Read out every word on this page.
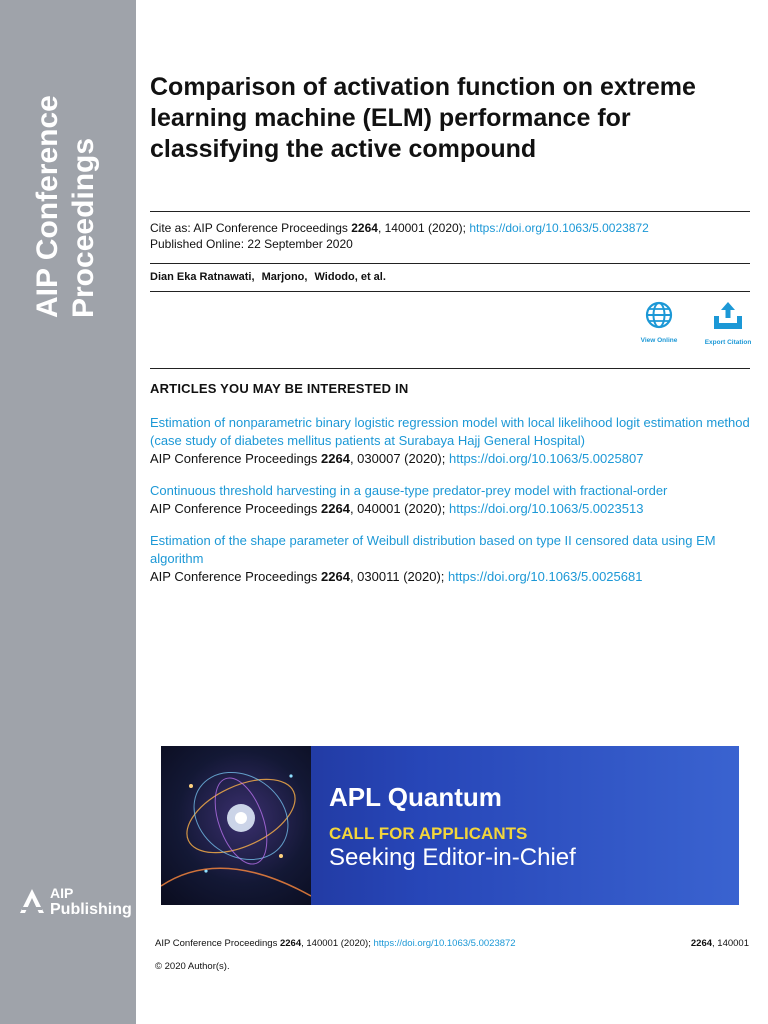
AIP Conference Proceedings
AIP
Publishing
Comparison of activation function on extreme learning machine (ELM) performance for classifying the active compound
Cite as: AIP Conference Proceedings 2264, 140001 (2020); https://doi.org/10.1063/5.0023872
Published Online: 22 September 2020
Dian Eka Ratnawati, Marjono, Widodo, et al.
View Online	Export Citation
ARTICLES YOU MAY BE INTERESTED IN
Estimation of nonparametric binary logistic regression model with local likelihood logit estimation method (case study of diabetes mellitus patients at Surabaya Hajj General Hospital)
AIP Conference Proceedings 2264, 030007 (2020); https://doi.org/10.1063/5.0025807
Continuous threshold harvesting in a gause-type predator-prey model with fractional-order
AIP Conference Proceedings 2264, 040001 (2020); https://doi.org/10.1063/5.0023513
Estimation of the shape parameter of Weibull distribution based on type II censored data using EM algorithm
AIP Conference Proceedings 2264, 030011 (2020); https://doi.org/10.1063/5.0025681
APL Quantum
CALL FOR APPLICANTS
Seeking Editor-in-Chief
AIP Conference Proceedings 2264, 140001 (2020); https://doi.org/10.1063/5.0023872	2264, 140001
© 2020 Author(s).
